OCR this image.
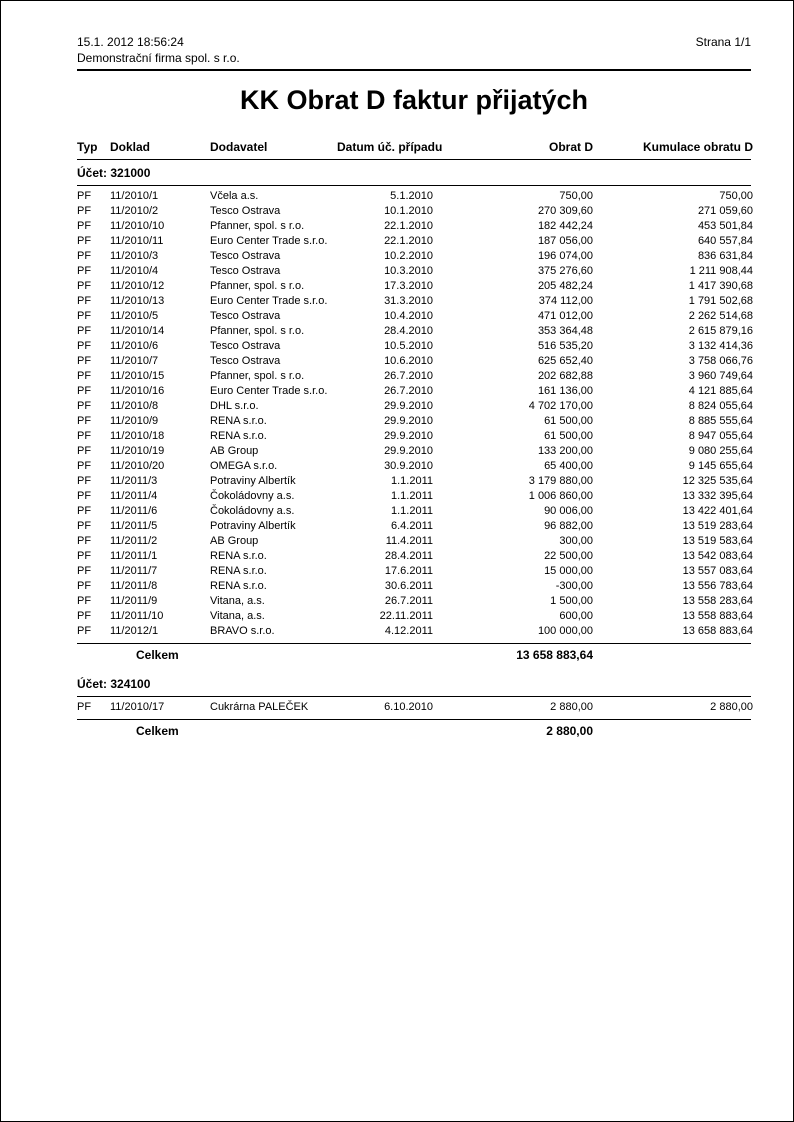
15.1. 2012 18:56:24
Demonstrační firma spol. s r.o.
Strana 1/1
KK Obrat D faktur přijatých
Typ	Doklad	Dodavatel	Datum úč. případu	Obrat D	Kumulace obratu D
Účet: 321000
PF	11/2010/1	Včela a.s.	5.1.2010	750,00	750,00
PF	11/2010/2	Tesco Ostrava	10.1.2010	270 309,60	271 059,60
PF	11/2010/10	Pfanner, spol. s r.o.	22.1.2010	182 442,24	453 501,84
PF	11/2010/11	Euro Center Trade s.r.o.	22.1.2010	187 056,00	640 557,84
PF	11/2010/3	Tesco Ostrava	10.2.2010	196 074,00	836 631,84
PF	11/2010/4	Tesco Ostrava	10.3.2010	375 276,60	1 211 908,44
PF	11/2010/12	Pfanner, spol. s r.o.	17.3.2010	205 482,24	1 417 390,68
PF	11/2010/13	Euro Center Trade s.r.o.	31.3.2010	374 112,00	1 791 502,68
PF	11/2010/5	Tesco Ostrava	10.4.2010	471 012,00	2 262 514,68
PF	11/2010/14	Pfanner, spol. s r.o.	28.4.2010	353 364,48	2 615 879,16
PF	11/2010/6	Tesco Ostrava	10.5.2010	516 535,20	3 132 414,36
PF	11/2010/7	Tesco Ostrava	10.6.2010	625 652,40	3 758 066,76
PF	11/2010/15	Pfanner, spol. s r.o.	26.7.2010	202 682,88	3 960 749,64
PF	11/2010/16	Euro Center Trade s.r.o.	26.7.2010	161 136,00	4 121 885,64
PF	11/2010/8	DHL s.r.o.	29.9.2010	4 702 170,00	8 824 055,64
PF	11/2010/9	RENA s.r.o.	29.9.2010	61 500,00	8 885 555,64
PF	11/2010/18	RENA s.r.o.	29.9.2010	61 500,00	8 947 055,64
PF	11/2010/19	AB Group	29.9.2010	133 200,00	9 080 255,64
PF	11/2010/20	OMEGA s.r.o.	30.9.2010	65 400,00	9 145 655,64
PF	11/2011/3	Potraviny Albertík	1.1.2011	3 179 880,00	12 325 535,64
PF	11/2011/4	Čokoládovny a.s.	1.1.2011	1 006 860,00	13 332 395,64
PF	11/2011/6	Čokoládovny a.s.	1.1.2011	90 006,00	13 422 401,64
PF	11/2011/5	Potraviny Albertík	6.4.2011	96 882,00	13 519 283,64
PF	11/2011/2	AB Group	11.4.2011	300,00	13 519 583,64
PF	11/2011/1	RENA s.r.o.	28.4.2011	22 500,00	13 542 083,64
PF	11/2011/7	RENA s.r.o.	17.6.2011	15 000,00	13 557 083,64
PF	11/2011/8	RENA s.r.o.	30.6.2011	-300,00	13 556 783,64
PF	11/2011/9	Vitana, a.s.	26.7.2011	1 500,00	13 558 283,64
PF	11/2011/10	Vitana, a.s.	22.11.2011	600,00	13 558 883,64
PF	11/2012/1	BRAVO s.r.o.	4.12.2011	100 000,00	13 658 883,64
Celkem	13 658 883,64
Účet: 324100
PF	11/2010/17	Cukrárna PALEČEK	6.10.2010	2 880,00	2 880,00
Celkem	2 880,00
